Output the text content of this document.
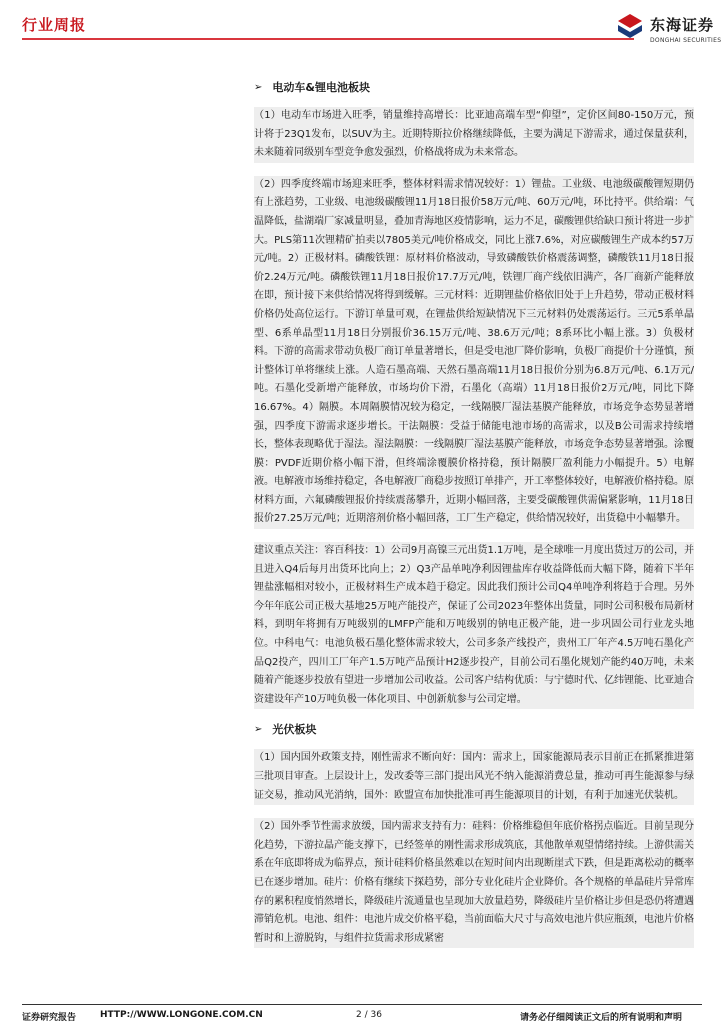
行业周报	东海证券
DONGHAI SECURITIES
➢ 电动车&锂电池板块
（1）电动车市场进入旺季，销量维持高增长：比亚迪高端车型“仰望”，定价区间80-150万元，预计将于23Q1发布，以SUV为主。近期特斯拉价格继续降低，主要为满足下游需求，通过保量获利，未来随着同级别车型竞争愈发强烈，价格战将成为未来常态。
（2）四季度终端市场迎来旺季，整体材料需求情况较好：1）锂盐。工业级、电池级碳酸锂短期仍有上涨趋势，工业级、电池级碳酸锂11月18日报价58万元/吨、60万元/吨，环比持平。供给端：气温降低，盐湖端厂家减量明显，叠加青海地区疫情影响，运力不足，碳酸锂供给缺口预计将进一步扩大。PLS第11次锂精矿拍卖以7805美元/吨价格成交，同比上涨7.6%，对应碳酸锂生产成本约57万元/吨。2）正极材料。磷酸铁锂：原材料价格波动，导致磷酸铁价格震荡调整，磷酸铁11月18日报价2.24万元/吨。磷酸铁锂11月18日报价17.7万元/吨，铁锂厂商产线依旧满产，各厂商新产能释放在即，预计接下来供给情况将得到缓解。三元材料：近期锂盐价格依旧处于上升趋势，带动正极材料价格仍处高位运行。下游订单量可观，在锂盐供给短缺情况下三元材料仍处震荡运行。三元5系单晶型、6系单晶型11月18日分别报价36.15万元/吨、38.6万元/吨；8系环比小幅上涨。3）负极材料。下游的高需求带动负极厂商订单量著增长，但是受电池厂降价影响，负极厂商提价十分谨慎，预计整体订单将继续上涨。人造石墨高端、天然石墨高端11月18日报价分别为6.8万元/吨、6.1万元/吨。石墨化受新增产能释放，市场均价下滑，石墨化（高端）11月18日报价2万元/吨，同比下降16.67%。4）隔膜。本周隔膜情况较为稳定，一线隔膜厂湿法基膜产能释放，市场竞争态势显著增强，四季度下游需求逐步增长。干法隔膜：受益于储能电池市场的高需求，以及B公司需求持续增长，整体表现略优于湿法。湿法隔膜：一线隔膜厂湿法基膜产能释放，市场竞争态势显著增强。涂覆膜：PVDF近期价格小幅下滑，但终端涂覆膜价格持稳，预计隔膜厂盈利能力小幅提升。5）电解液。电解液市场维持稳定，各电解液厂商稳步按照订单排产，开工率整体较好，电解液价格持稳。原材料方面，六氟磷酸锂报价持续震荡攀升，近期小幅回落，主要受碳酸锂供需偏紧影响，11月18日报价27.25万元/吨；近期溶剂价格小幅回落，工厂生产稳定，供给情况较好，出货稳中小幅攀升。
建议重点关注：容百科技：1）公司9月高镍三元出货1.1万吨，是全球唯一月度出货过万的公司，并且进入Q4后每月出货环比向上；2）Q3产品单吨净利因锂盐库存收益降低而大幅下降，随着下半年锂盐涨幅相对较小，正极材料生产成本趋于稳定。因此我们预计公司Q4单吨净利将趋于合理。另外今年年底公司正极大基地25万吨产能投产，保证了公司2023年整体出货量，同时公司积极布局新材料，到明年将拥有万吨级别的LMFP产能和万吨级别的钠电正极产能，进一步巩固公司行业龙头地位。中科电气：电池负极石墨化整体需求较大，公司多条产线投产，贵州工厂年产4.5万吨石墨化产品Q2投产，四川工厂年产1.5万吨产品预计H2逐步投产，目前公司石墨化规划产能约40万吨，未来随着产能逐步投放有望进一步增加公司收益。公司客户结构优质：与宁德时代、亿纬锂能、比亚迪合资建设年产10万吨负极一体化项目、中创新航参与公司定增。
➢ 光伏板块
（1）国内国外政策支持，刚性需求不断向好：国内：需求上，国家能源局表示目前正在抓紧推进第三批项目审查。上层设计上，发改委等三部门提出风光不纳入能源消费总量，推动可再生能源参与绿证交易，推动风光消纳，国外：欧盟宣布加快批准可再生能源项目的计划，有利于加速光伏装机。
（2）国外季节性需求放缓，国内需求支持有力：硅料：价格维稳但年底价格拐点临近。目前呈现分化趋势，下游拉晶产能支撑下，已经签单的刚性需求形成筑底，其他散单观望情绪持续。上游供需关系在年底即将成为临界点，预计硅料价格虽然难以在短时间内出现断崖式下跌，但是距离松动的概率已在逐步增加。硅片：价格有继续下探趋势，部分专业化硅片企业降价。各个规格的单晶硅片异常库存的累积程度悄然增长，降级硅片流通量也呈现加大放量趋势，降级硅片呈价格让步但是恐仍将遭遇滞销危机。电池、组件：电池片成交价格平稳，当前面临大尺寸与高效电池片供应瓶颈，电池片价格暂时和上游脱钩，与组件拉货需求形成紧密
证券研究报告	HTTP://WWW.LONGONE.COM.CN	2 / 36	请务必仔细阅读正文后的所有说明和声明
